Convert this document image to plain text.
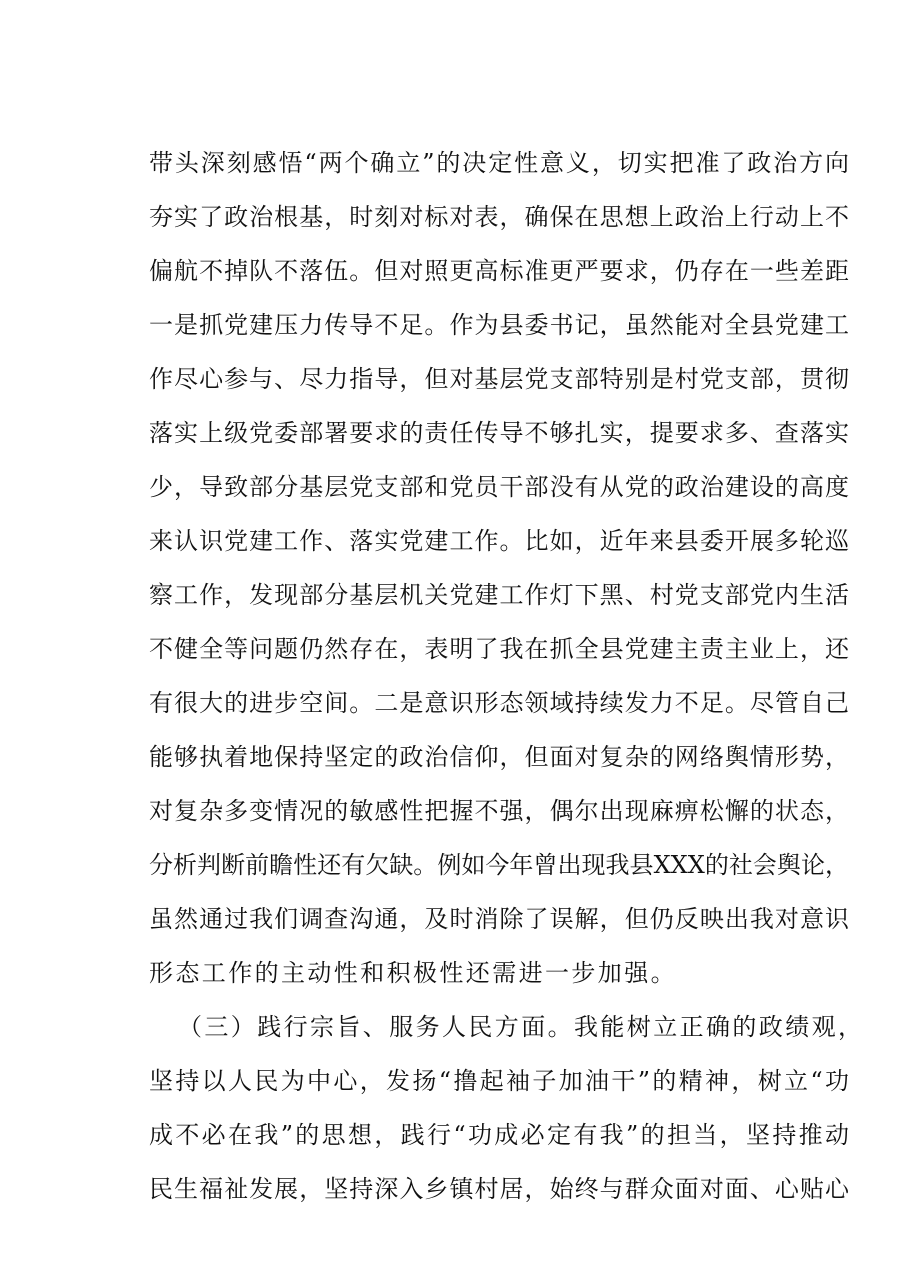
带头深刻感悟“两个确立”的决定性意义，切实把准了政治方向
夯实了政治根基，时刻对标对表，确保在思想上政治上行动上不
偏航不掉队不落伍。但对照更高标准更严要求，仍存在一些差距
一是抓党建压力传导不足。作为县委书记，虽然能对全县党建工
作尽心参与、尽力指导，但对基层党支部特别是村党支部，贯彻
落实上级党委部署要求的责任传导不够扎实，提要求多、查落实
少，导致部分基层党支部和党员干部没有从党的政治建设的高度
来认识党建工作、落实党建工作。比如，近年来县委开展多轮巡
察工作，发现部分基层机关党建工作灯下黑、村党支部党内生活
不健全等问题仍然存在，表明了我在抓全县党建主责主业上，还
有很大的进步空间。二是意识形态领域持续发力不足。尽管自己
能够执着地保持坚定的政治信仰，但面对复杂的网络舆情形势，
对复杂多变情况的敏感性把握不强，偶尔出现麻痹松懈的状态，
分析判断前瞻性还有欠缺。例如今年曾出现我县XXX的社会舆论，
虽然通过我们调查沟通，及时消除了误解，但仍反映出我对意识
形态工作的主动性和积极性还需进一步加强。
（三）践行宗旨、服务人民方面。我能树立正确的政绩观，
坚持以人民为中心，发扬“撸起袖子加油干”的精神，树立“功
成不必在我”的思想，践行“功成必定有我”的担当，坚持推动
民生福祉发展，坚持深入乡镇村居，始终与群众面对面、心贴心
